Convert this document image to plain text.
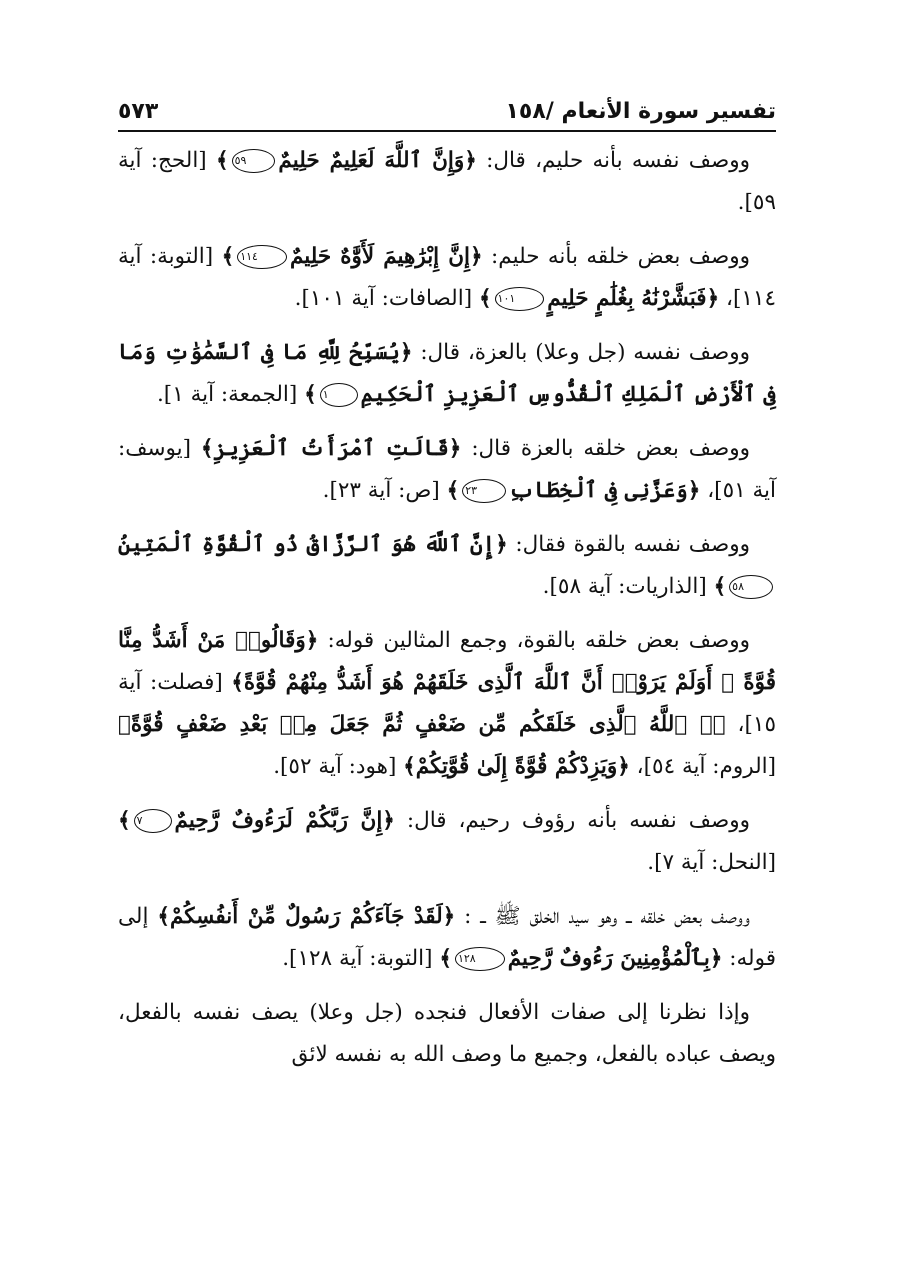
تفسير سورة الأنعام /١٥٨
٥٧٣

ووصف نفسه بأنه حليم، قال: ﴿وَإِنَّ ٱللَّهَ لَعَلِيمٌ حَلِيمٌ٥٩﴾ [الحج: آية ٥٩].

ووصف بعض خلقه بأنه حليم: ﴿إِنَّ إِبْرَٰهِيمَ لَأَوَّٰهٌ حَلِيمٌ١١٤﴾ [التوبة: آية ١١٤]، ﴿فَبَشَّرْنَٰهُ بِغُلَٰمٍ حَلِيمٍ١٠١﴾ [الصافات: آية ١٠١].

ووصف نفسه (جل وعلا) بالعزة، قال: ﴿يُسَبِّحُ لِلَّهِ مَا فِى ٱلسَّمَٰوَٰتِ وَمَا فِى ٱلْأَرْضِ ٱلْمَلِكِ ٱلْقُدُّوسِ ٱلْعَزِيزِ ٱلْحَكِيمِ١﴾ [الجمعة: آية ١].

ووصف بعض خلقه بالعزة قال: ﴿قَالَتِ ٱمْرَأَتُ ٱلْعَزِيزِ﴾ [يوسف: آية ٥١]، ﴿وَعَزَّنِى فِى ٱلْخِطَابِ٢٣﴾ [ص: آية ٢٣].

ووصف نفسه بالقوة فقال: ﴿إِنَّ ٱللَّهَ هُوَ ٱلرَّزَّاقُ ذُو ٱلْقُوَّةِ ٱلْمَتِينُ٥٨﴾ [الذاريات: آية ٥٨].

ووصف بعض خلقه بالقوة، وجمع المثالين قوله: ﴿وَقَالُوا۟ مَنْ أَشَدُّ مِنَّا قُوَّةً ۖ أَوَلَمْ يَرَوْا۟ أَنَّ ٱللَّهَ ٱلَّذِى خَلَقَهُمْ هُوَ أَشَدُّ مِنْهُمْ قُوَّةً﴾ [فصلت: آية ١٥]، ﴿۞ ٱللَّهُ ٱلَّذِى خَلَقَكُم مِّن ضَعْفٍ ثُمَّ جَعَلَ مِنۢ بَعْدِ ضَعْفٍ قُوَّةً﴾ [الروم: آية ٥٤]، ﴿وَيَزِدْكُمْ قُوَّةً إِلَىٰ قُوَّتِكُمْ﴾ [هود: آية ٥٢].

ووصف نفسه بأنه رؤوف رحيم، قال: ﴿إِنَّ رَبَّكُمْ لَرَءُوفٌ رَّحِيمٌ٧﴾ [النحل: آية ٧].

ووصف بعض خلقه ــ وهو سيد الخلق ﷺ ــ : ﴿لَقَدْ جَآءَكُمْ رَسُولٌ مِّنْ أَنفُسِكُمْ﴾ إلى قوله: ﴿بِٱلْمُؤْمِنِينَ رَءُوفٌ رَّحِيمٌ١٢٨﴾ [التوبة: آية ١٢٨].

وإذا نظرنا إلى صفات الأفعال فنجده (جل وعلا) يصف نفسه بالفعل، ويصف عباده بالفعل، وجميع ما وصف الله به نفسه لائق
